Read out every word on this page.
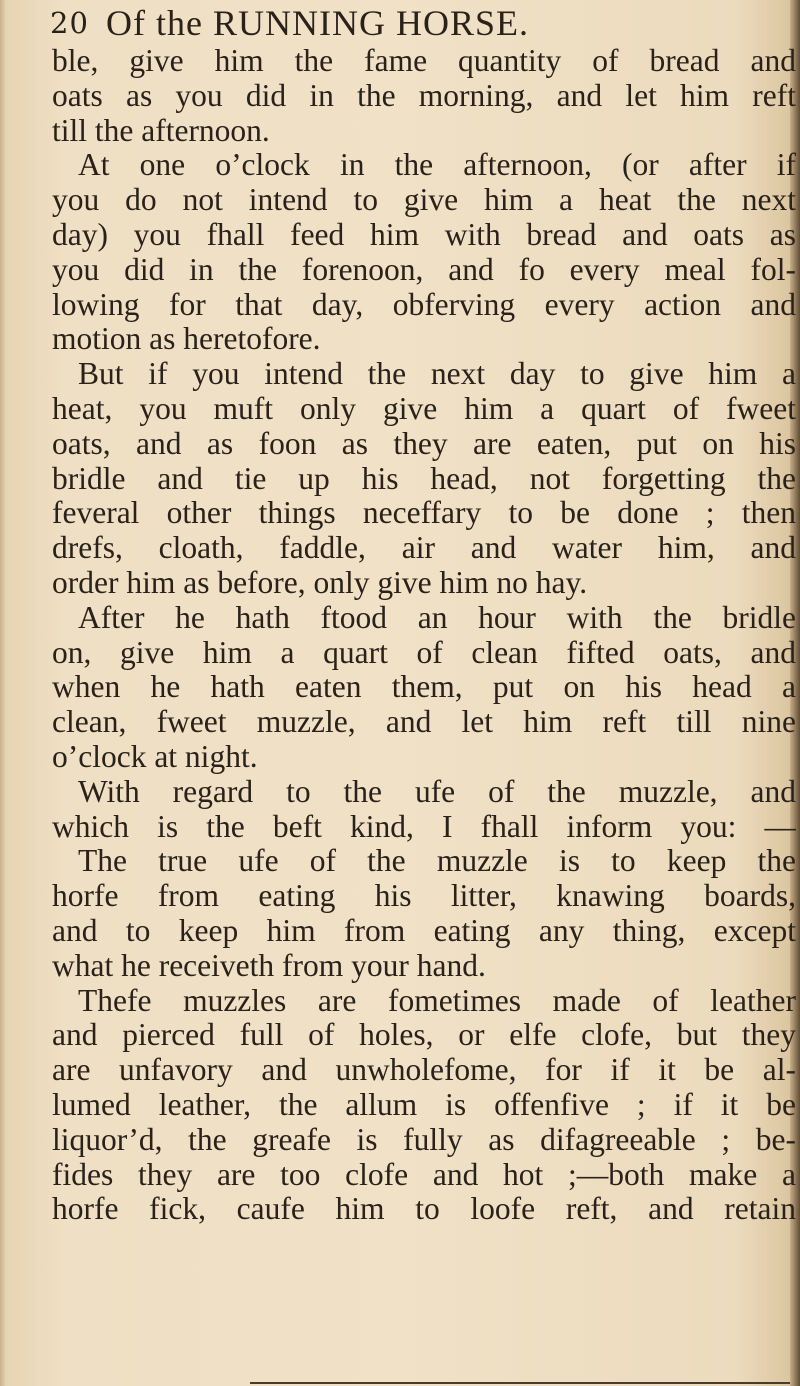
20 Of the RUNNING HORSE.
ble, give him the fame quantity of bread and
oats as you did in the morning, and let him reft
till the afternoon.
At one o’clock in the afternoon, (or after if
you do not intend to give him a heat the next
day) you fhall feed him with bread and oats as
you did in the forenoon, and fo every meal fol-
lowing for that day, obferving every action and
motion as heretofore.
But if you intend the next day to give him a
heat, you muft only give him a quart of fweet
oats, and as foon as they are eaten, put on his
bridle and tie up his head, not forgetting the
feveral other things neceffary to be done ; then
drefs, cloath, faddle, air and water him, and
order him as before, only give him no hay.
After he hath ftood an hour with the bridle
on, give him a quart of clean fifted oats, and
when he hath eaten them, put on his head a
clean, fweet muzzle, and let him reft till nine
o’clock at night.
With regard to the ufe of the muzzle, and
which is the beft kind, I fhall inform you: —
The true ufe of the muzzle is to keep the
horfe from eating his litter, knawing boards,
and to keep him from eating any thing, except
what he receiveth from your hand.
Thefe muzzles are fometimes made of leather
and pierced full of holes, or elfe clofe, but they
are unfavory and unwholefome, for if it be al-
lumed leather, the allum is offenfive ; if it be
liquor’d, the greafe is fully as difagreeable ; be-
fides they are too clofe and hot ;—both make a
horfe fick, caufe him to loofe reft, and retain
